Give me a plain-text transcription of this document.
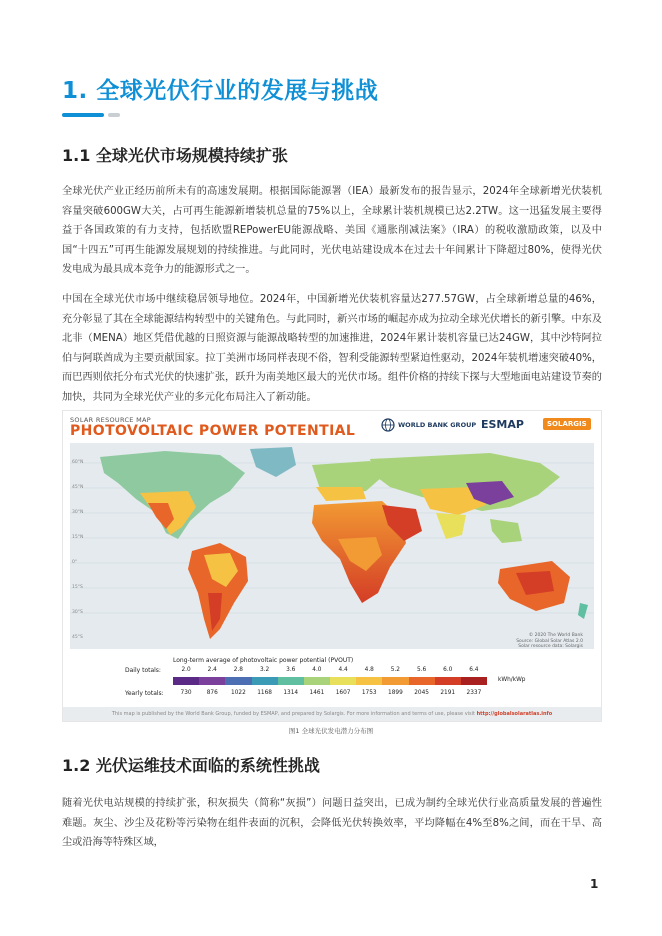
1. 全球光伏行业的发展与挑战
1.1 全球光伏市场规模持续扩张
全球光伏产业正经历前所未有的高速发展期。根据国际能源署（IEA）最新发布的报告显示，2024年全球新增光伏装机容量突破600GW大关，占可再生能源新增装机总量的75%以上，全球累计装机规模已达2.2TW。这一迅猛发展主要得益于各国政策的有力支持，包括欧盟REPowerEU能源战略、美国《通胀削减法案》（IRA）的税收激励政策，以及中国“十四五”可再生能源发展规划的持续推进。与此同时，光伏电站建设成本在过去十年间累计下降超过80%，使得光伏发电成为最具成本竞争力的能源形式之一。
中国在全球光伏市场中继续稳居领导地位。2024年，中国新增光伏装机容量达277.57GW，占全球新增总量的46%，充分彰显了其在全球能源结构转型中的关键角色。与此同时，新兴市场的崛起亦成为拉动全球光伏增长的新引擎。中东及北非（MENA）地区凭借优越的日照资源与能源战略转型的加速推进，2024年累计装机容量已达24GW，其中沙特阿拉伯与阿联酋成为主要贡献国家。拉丁美洲市场同样表现不俗，智利受能源转型紧迫性驱动，2024年装机增速突破40%，而巴西则依托分布式光伏的快速扩张，跃升为南美地区最大的光伏市场。组件价格的持续下探与大型地面电站建设节奏的加快，共同为全球光伏产业的多元化布局注入了新动能。
SOLAR RESOURCE MAP
PHOTOVOLTAIC POWER POTENTIAL	WORLD BANK GROUP ESMAP	SOLARGIS
60°N
45°N
30°N
15°N
0°
15°S
30°S
45°S	© 2020 The World Bank
Source: Global Solar Atlas 2.0
Solar resource data: Solargis
Long-term average of photovoltaic power potential (PVOUT)
Daily totals:
Yearly totals:
2.0	2.4	2.8	3.2	3.6	4.0	4.4	4.8	5.2	5.6	6.0	6.4
730	876	1022	1168	1314	1461	1607	1753	1899	2045	2191	2337
kWh/kWp
This map is published by the World Bank Group, funded by ESMAP, and prepared by Solargis. For more information and terms of use, please visit http://globalsolaratlas.info
图1 全球光伏发电潜力分布图
1.2 光伏运维技术面临的系统性挑战
随着光伏电站规模的持续扩张，积灰损失（简称“灰损”）问题日益突出，已成为制约全球光伏行业高质量发展的普遍性难题。灰尘、沙尘及花粉等污染物在组件表面的沉积，会降低光伏转换效率，平均降幅在4%至8%之间，而在干旱、高尘或沿海等特殊区域，
1
